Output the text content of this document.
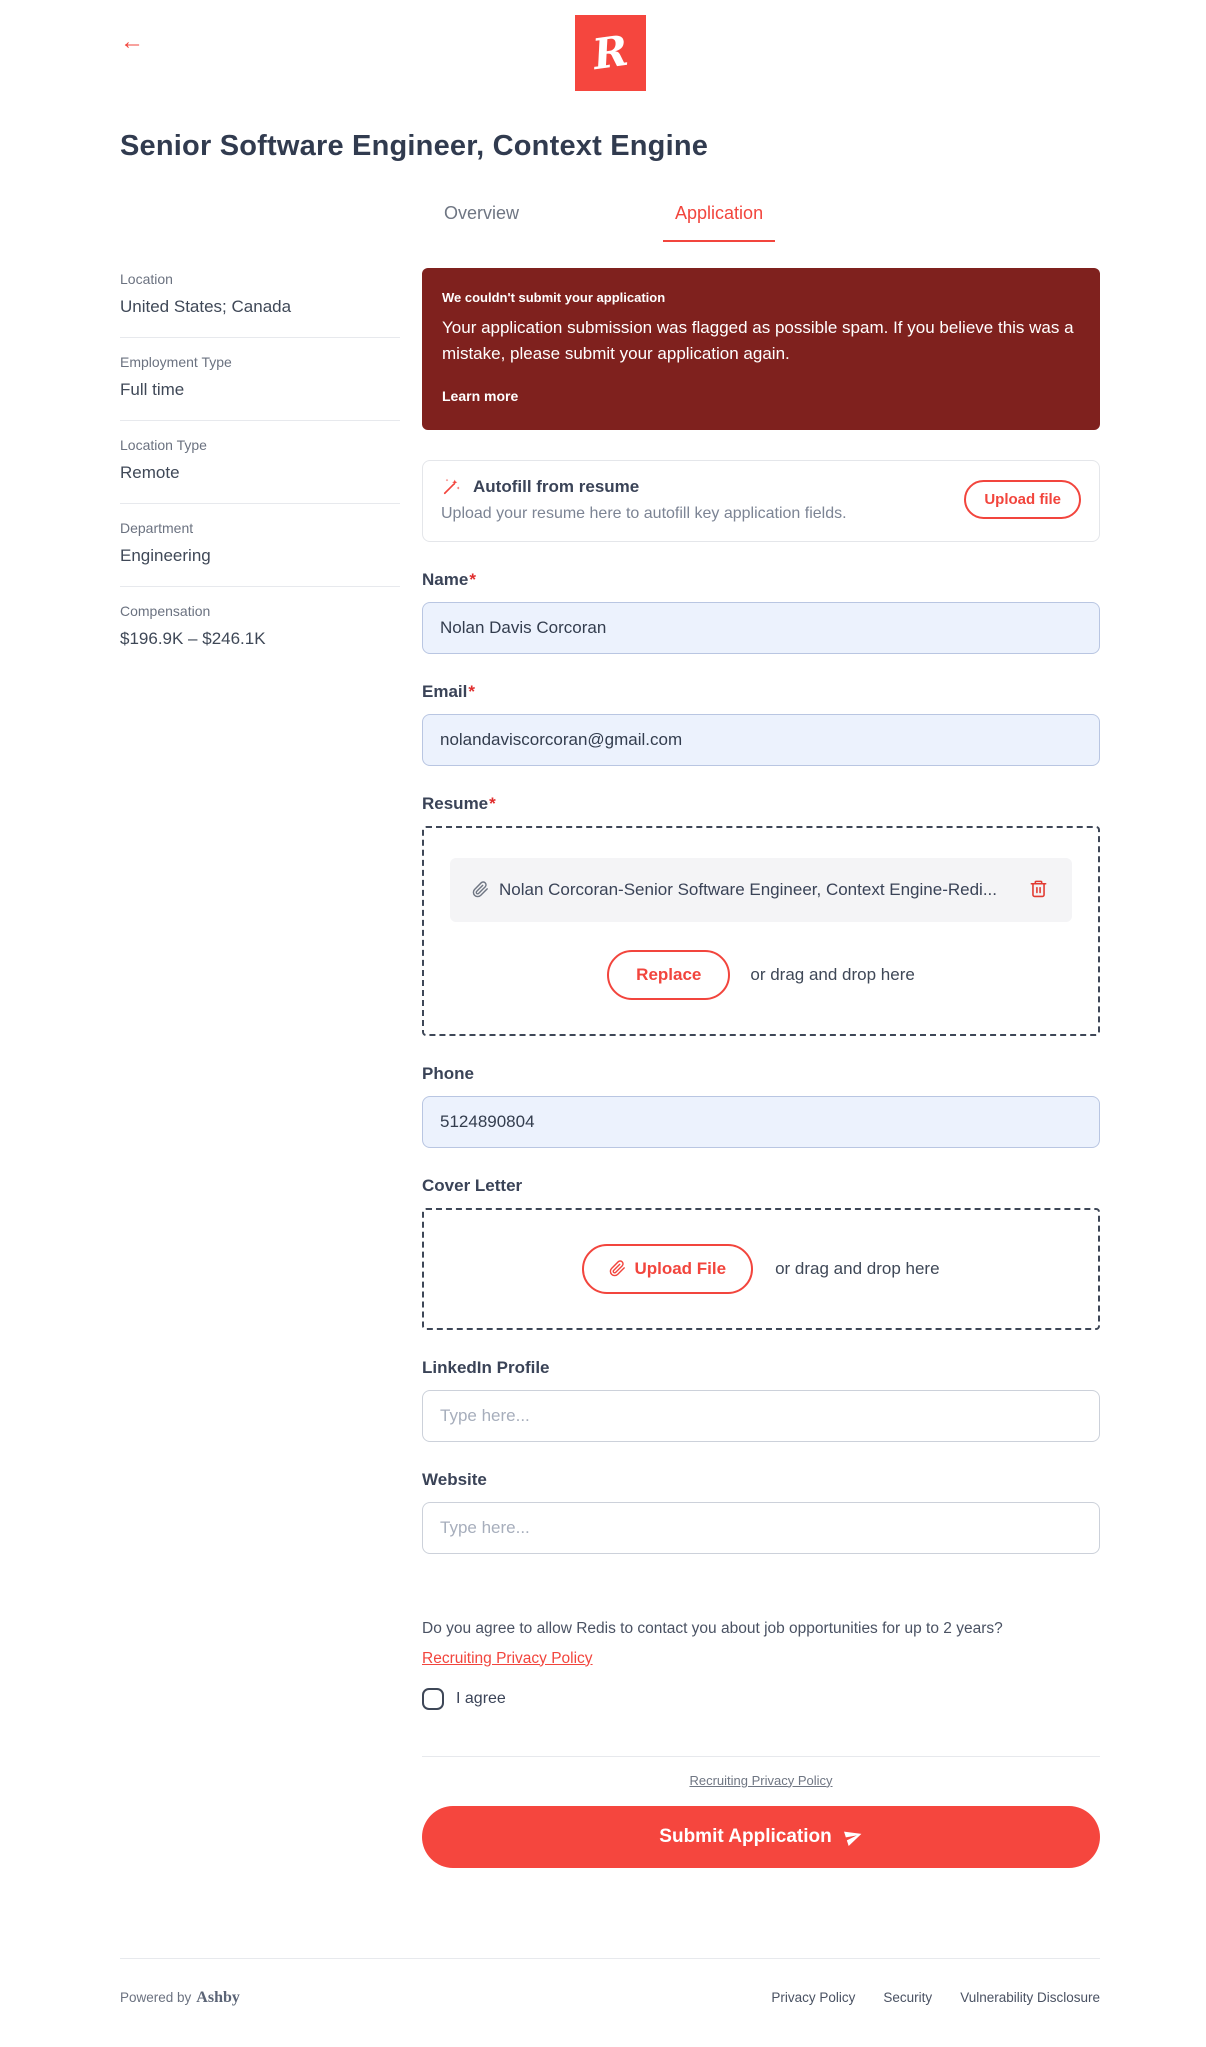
←	R
Senior Software Engineer, Context Engine
Location
United States; Canada
Employment Type
Full time
Location Type
Remote
Department
Engineering
Compensation
$196.9K – $246.1K
Overview	Application
We couldn't submit your application
Your application submission was flagged as possible spam. If you believe this was a mistake, please submit your application again.
Learn more
Autofill from resume
Upload your resume here to autofill key application fields.
Upload file
Name*
Nolan Davis Corcoran
Email*
nolandaviscorcoran@gmail.com
Resume*
Nolan Corcoran-Senior Software Engineer, Context Engine-Redi...
Replace	or drag and drop here
Phone
5124890804
Cover Letter
Upload File	or drag and drop here
LinkedIn Profile
Type here...
Website
Type here...
Do you agree to allow Redis to contact you about job opportunities for up to 2 years?
Recruiting Privacy Policy
I agree
Recruiting Privacy Policy
Submit Application
Powered by Ashby	Privacy Policy Security Vulnerability Disclosure
